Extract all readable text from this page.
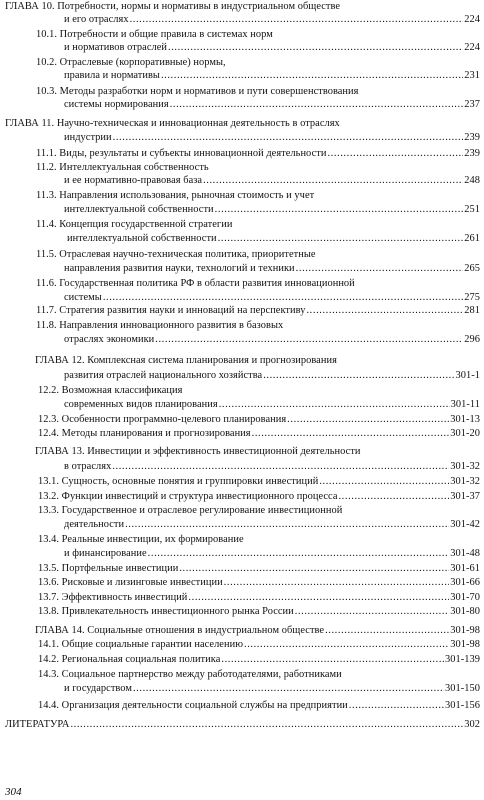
ГЛАВА 10. Потребности, нормы и нормативы в индустриальном обществе
и его отраслях .....	224
10.1. Потребности и общие правила в системах норм
и нормативов отраслей .....	224
10.2. Отраслевые (корпоративные) нормы,
правила и нормативы .....	231
10.3. Методы разработки норм и нормативов и пути совершенствования
системы нормирования .....	237
ГЛАВА 11. Научно-техническая и инновационная деятельность в отраслях
индустрии .....	239
11.1. Виды, результаты и субъекты инновационной деятельности .....	239
11.2. Интеллектуальная собственность
и ее нормативно-правовая база .....	248
11.3. Направления использования, рыночная стоимость и учет
интеллектуальной собственности .....	251
11.4. Концепция государственной стратегии
интеллектуальной собственности .....	261
11.5. Отраслевая научно-техническая политика, приоритетные
направления развития науки, технологий и техники .....	265
11.6. Государственная политика РФ в области развития инновационной
системы .....	275
11.7. Стратегия развития науки и инноваций на перспективу .....	281
11.8. Направления инновационного развития в базовых
отраслях экономики .....	296
ГЛАВА 12. Комплексная система планирования и прогнозирования
развития отраслей национального хозяйства .....	301-1
12.2. Возможная классификация
современных видов планирования .....	301-11
12.3. Особенности программно-целевого планирования .....	301-13
12.4. Методы планирования и прогнозирования .....	301-20
ГЛАВА 13. Инвестиции и эффективность инвестиционной деятельности
в отраслях .....	301-32
13.1. Сущность, основные понятия и группировки инвестиций .....	301-32
13.2. Функции инвестиций и структура инвестиционного процесса .....	301-37
13.3. Государственное и отраслевое регулирование инвестиционной
деятельности .....	301-42
13.4. Реальные инвестиции, их формирование
и финансирование .....	301-48
13.5. Портфельные инвестиции .....	301-61
13.6. Рисковые и лизинговые инвестиции .....	301-66
13.7. Эффективность инвестиций .....	301-70
13.8. Привлекательность инвестиционного рынка России .....	301-80
ГЛАВА 14. Социальные отношения в индустриальном обществе .....	301-98
14.1. Общие социальные гарантии населению .....	301-98
14.2. Региональная социальная политика .....	301-139
14.3. Социальное партнерство между работодателями, работниками
и государством .....	301-150
14.4. Организация деятельности социальной службы на предприятии .....	301-156
ЛИТЕРАТУРА .....	302
304
